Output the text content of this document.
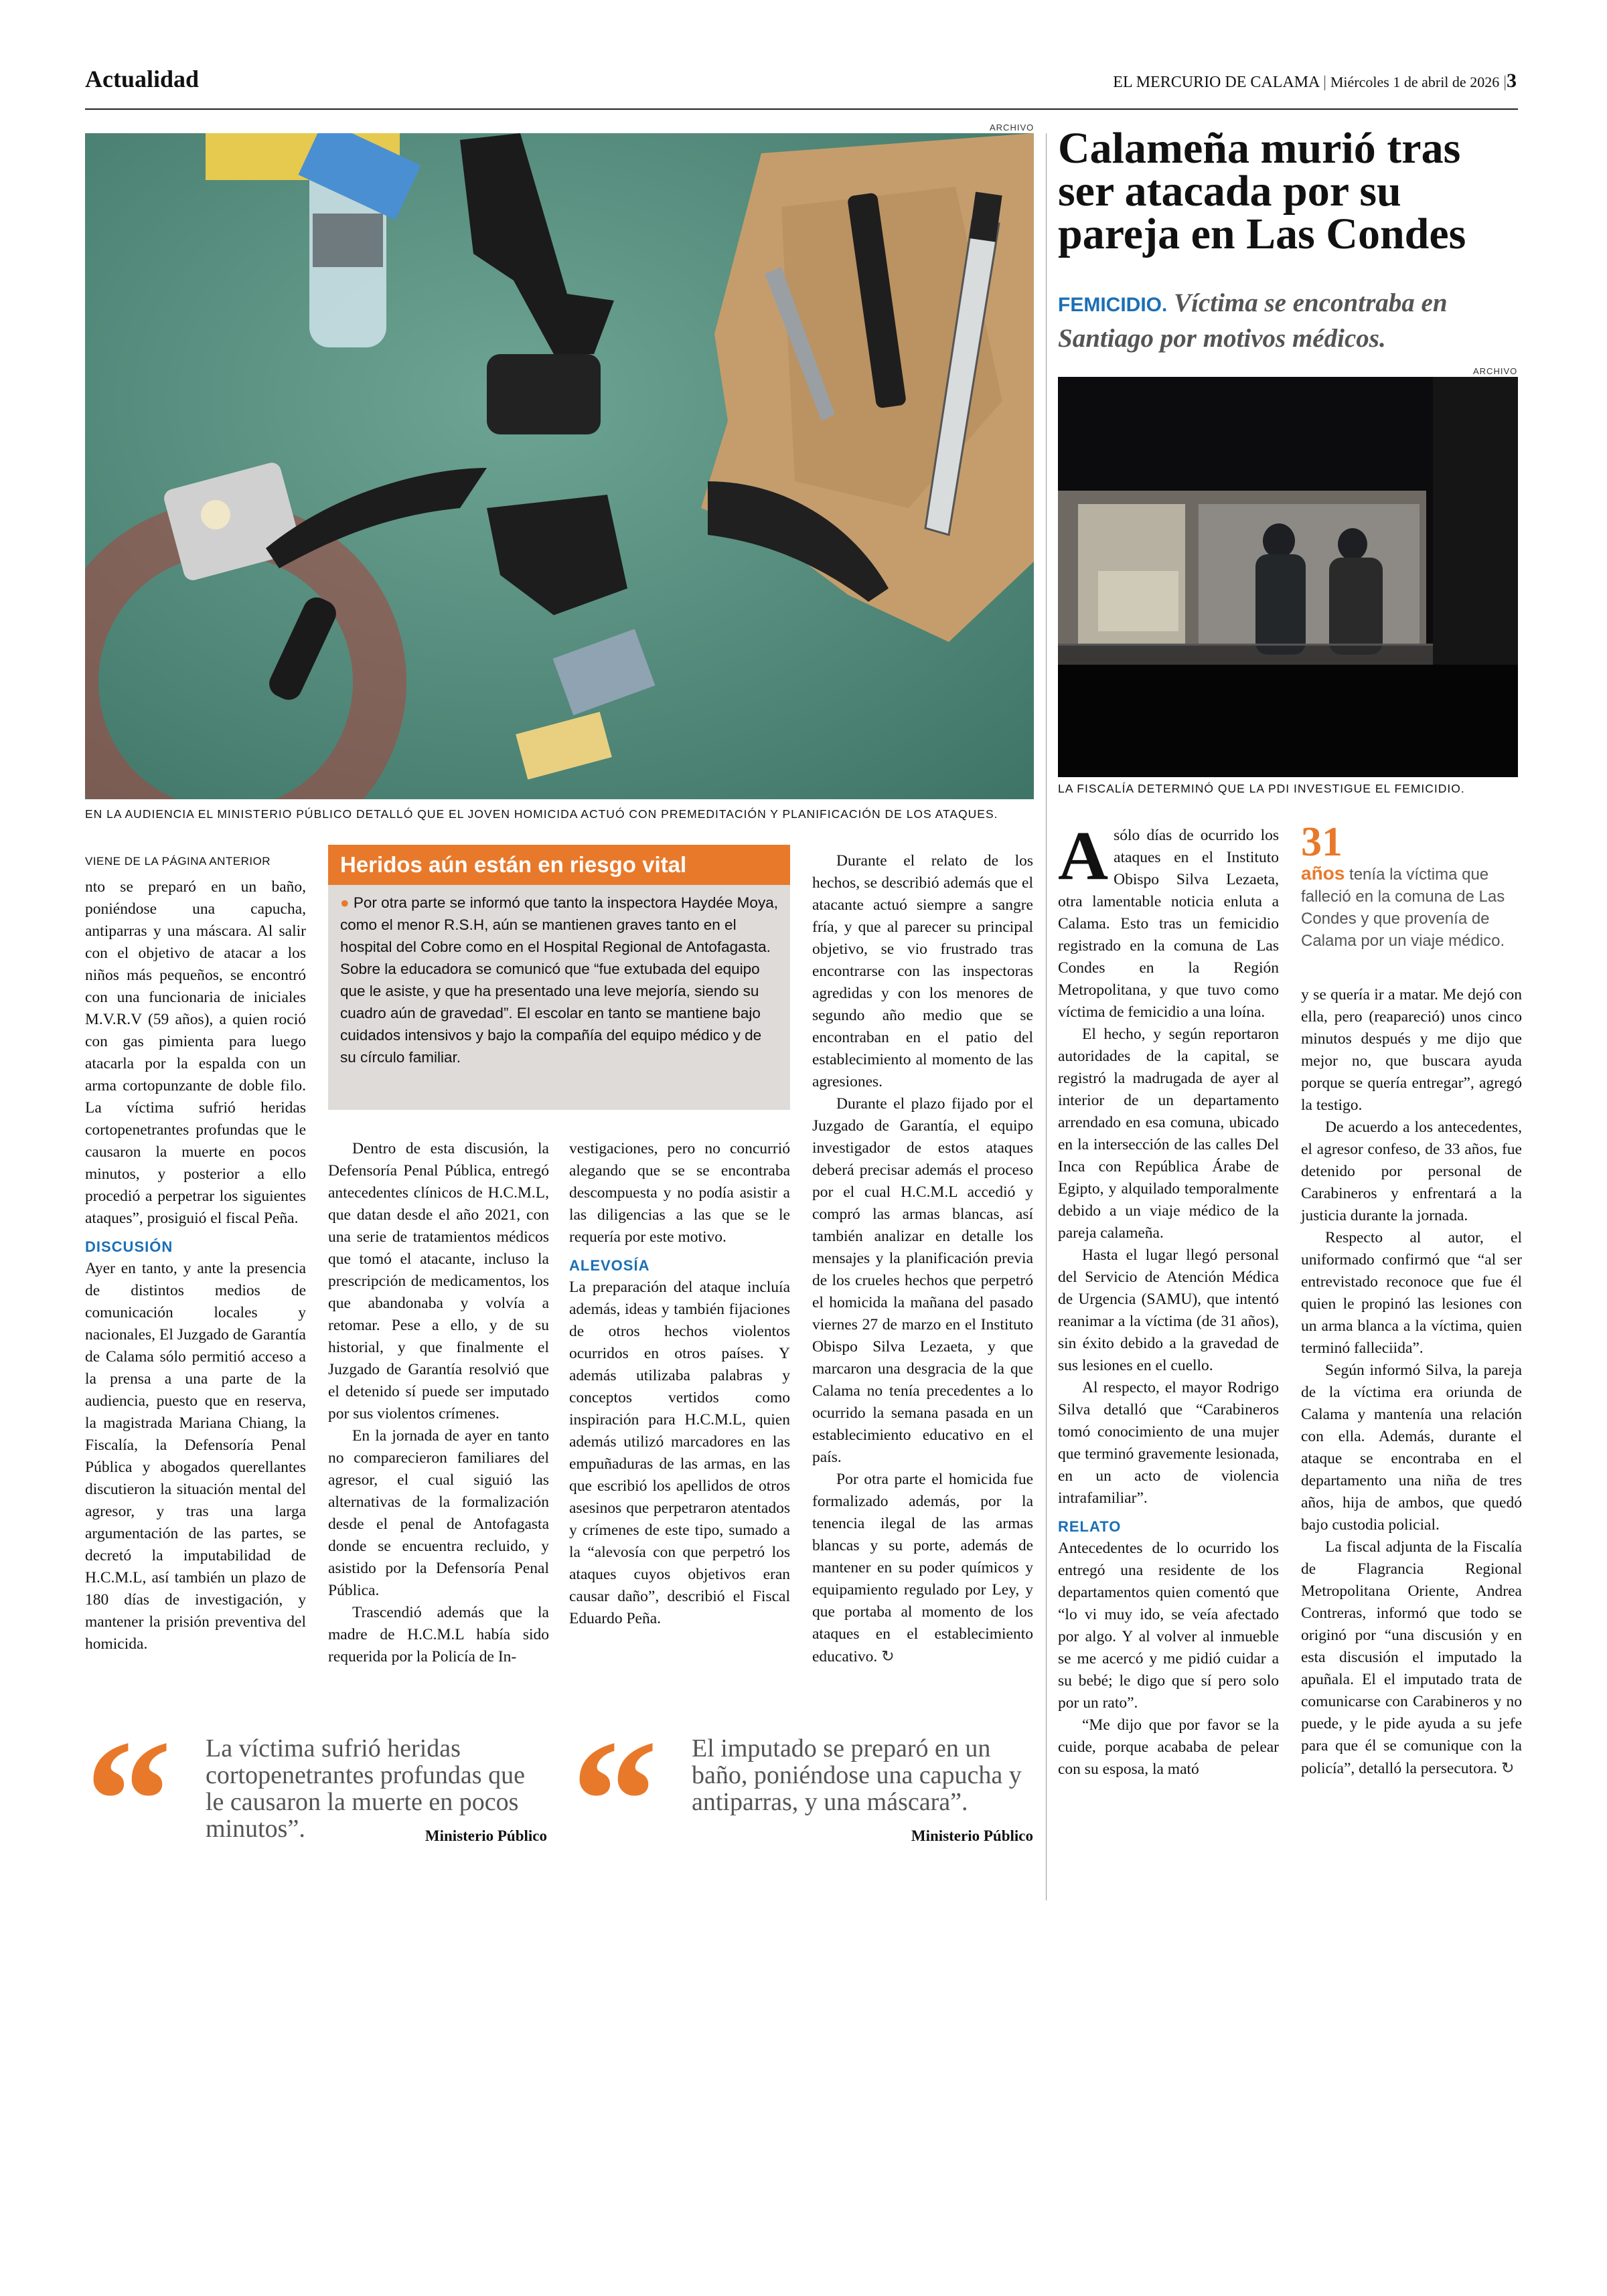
Actualidad	EL MERCURIO DE CALAMA | Miércoles 1 de abril de 2026 |3
ARCHIVO
EN LA AUDIENCIA EL MINISTERIO PÚBLICO DETALLÓ QUE EL JOVEN HOMICIDA ACTUÓ CON PREMEDITACIÓN Y PLANIFICACIÓN DE LOS ATAQUES.
ARCHIVO
LA FISCALÍA DETERMINÓ QUE LA PDI INVESTIGUE EL FEMICIDIO.
Calameña murió tras ser atacada por su pareja en Las Condes
FEMICIDIO. Víctima se encontraba en Santiago por motivos médicos.
VIENE DE LA PÁGINA ANTERIOR

nto se preparó en un baño, poniéndose una capucha, antiparras y una máscara. Al salir con el objetivo de atacar a los niños más pequeños, se encontró con una funcionaria de iniciales M.V.R.V (59 años), a quien roció con gas pimienta para luego atacarla por la espalda con un arma cortopunzante de doble filo. La víctima sufrió heridas cortopenetrantes profundas que le causaron la muerte en pocos minutos, y posterior a ello procedió a perpetrar los siguientes ataques”, prosiguió el fiscal Peña.

DISCUSIÓN

Ayer en tanto, y ante la presencia de distintos medios de comunicación locales y nacionales, El Juzgado de Garantía de Calama sólo permitió acceso a la prensa a una parte de la audiencia, puesto que en reserva, la magistrada Mariana Chiang, la Fiscalía, la Defensoría Penal Pública y abogados querellantes discutieron la situación mental del agresor, y tras una larga argumentación de las partes, se decretó la imputabilidad de H.C.M.L, así también un plazo de 180 días de investigación, y mantener la prisión preventiva del homicida.

Heridos aún están en riesgo vital
● Por otra parte se informó que tanto la inspectora Haydée Moya, como el menor R.S.H, aún se mantienen graves tanto en el hospital del Cobre como en el Hospital Regional de Antofagasta. Sobre la educadora se comunicó que “fue extubada del equipo que le asiste, y que ha presentado una leve mejoría, siendo su cuadro aún de gravedad”. El escolar en tanto se mantiene bajo cuidados intensivos y bajo la compañía del equipo médico y de su círculo familiar.

Dentro de esta discusión, la Defensoría Penal Pública, entregó antecedentes clínicos de H.C.M.L, que datan desde el año 2021, con una serie de tratamientos médicos que tomó el atacante, incluso la prescripción de medicamentos, los que abandonaba y volvía a retomar. Pese a ello, y de su historial, y que finalmente el Juzgado de Garantía resolvió que el detenido sí puede ser imputado por sus violentos crímenes.

En la jornada de ayer en tanto no comparecieron familiares del agresor, el cual siguió las alternativas de la formalización desde el penal de Antofagasta donde se encuentra recluido, y asistido por la Defensoría Penal Pública.

Trascendió además que la madre de H.C.M.L había sido requerida por la Policía de In-

vestigaciones, pero no concurrió alegando que se se encontraba descompuesta y no podía asistir a las diligencias a las que se le requería por este motivo.

ALEVOSÍA

La preparación del ataque incluía además, ideas y también fijaciones de otros hechos violentos ocurridos en otros países. Y además utilizaba palabras y conceptos vertidos como inspiración para H.C.M.L, quien además utilizó marcadores en las empuñaduras de las armas, en las que escribió los apellidos de otros asesinos que perpetraron atentados y crímenes de este tipo, sumado a la “alevosía con que perpetró los ataques cuyos objetivos eran causar daño”, describió el Fiscal Eduardo Peña.

Durante el relato de los hechos, se describió además que el atacante actuó siempre a sangre fría, y que al parecer su principal objetivo, se vio frustrado tras encontrarse con las inspectoras agredidas y con los menores de segundo año medio que se encontraban en el patio del establecimiento al momento de las agresiones.

Durante el plazo fijado por el Juzgado de Garantía, el equipo investigador de estos ataques deberá precisar además el proceso por el cual H.C.M.L accedió y compró las armas blancas, así también analizar en detalle los mensajes y la planificación previa de los crueles hechos que perpetró el homicida la mañana del pasado viernes 27 de marzo en el Instituto Obispo Silva Lezaeta, y que marcaron una desgracia de la que Calama no tenía precedentes a lo ocurrido la semana pasada en un establecimiento educativo en el país.

Por otra parte el homicida fue formalizado además, por la tenencia ilegal de las armas blancas y su porte, además de mantener en su poder químicos y equipamiento regulado por Ley, y que portaba al momento de los ataques en el establecimiento educativo. ↻

“ La víctima sufrió heridas cortopenetrantes profundas que le causaron la muerte en pocos minutos”.	Ministerio Público “ El imputado se preparó en un baño, poniéndose una capucha y antiparras, y una máscara”.
Ministerio Público

Asólo días de ocurrido los ataques en el Instituto Obispo Silva Lezaeta, otra lamentable noticia enluta a Calama. Esto tras un femicidio registrado en la comuna de Las Condes en la Región Metropolitana, y que tuvo como víctima de femicidio a una loína.

El hecho, y según reportaron autoridades de la capital, se registró la madrugada de ayer al interior de un departamento arrendado en esa comuna, ubicado en la intersección de las calles Del Inca con República Árabe de Egipto, y alquilado temporalmente debido a un viaje médico de la pareja calameña.

Hasta el lugar llegó personal del Servicio de Atención Médica de Urgencia (SAMU), que intentó reanimar a la víctima (de 31 años), sin éxito debido a la gravedad de sus lesiones en el cuello.

Al respecto, el mayor Rodrigo Silva detalló que “Carabineros tomó conocimiento de una mujer que terminó gravemente lesionada, en un acto de violencia intrafamiliar”.

RELATO

Antecedentes de lo ocurrido los entregó una residente de los departamentos quien comentó que “lo vi muy ido, se veía afectado por algo. Y al volver al inmueble se me acercó y me pidió cuidar a su bebé; le digo que sí pero solo por un rato”.

“Me dijo que por favor se la cuide, porque acababa de pelear con su esposa, la mató

31
años tenía la víctima que falleció en la comuna de Las Condes y que provenía de Calama por un viaje médico.

y se quería ir a matar. Me dejó con ella, pero (reapareció) unos cinco minutos después y me dijo que mejor no, que buscara ayuda porque se quería entregar”, agregó la testigo.

De acuerdo a los antecedentes, el agresor confeso, de 33 años, fue detenido por personal de Carabineros y enfrentará a la justicia durante la jornada.

Respecto al autor, el uniformado confirmó que “al ser entrevistado reconoce que fue él quien le propinó las lesiones con un arma blanca a la víctima, quien terminó falleciida”.

Según informó Silva, la pareja de la víctima era oriunda de Calama y mantenía una relación con ella. Además, durante el ataque se encontraba en el departamento una niña de tres años, hija de ambos, que quedó bajo custodia policial.

La fiscal adjunta de la Fiscalía de Flagrancia Regional Metropolitana Oriente, Andrea Contreras, informó que todo se originó por “una discusión y en esta discusión el imputado la apuñala. El el imputado trata de comunicarse con Carabineros y no puede, y le pide ayuda a su jefe para que él se comunique con la policía”, detalló la persecutora. ↻
